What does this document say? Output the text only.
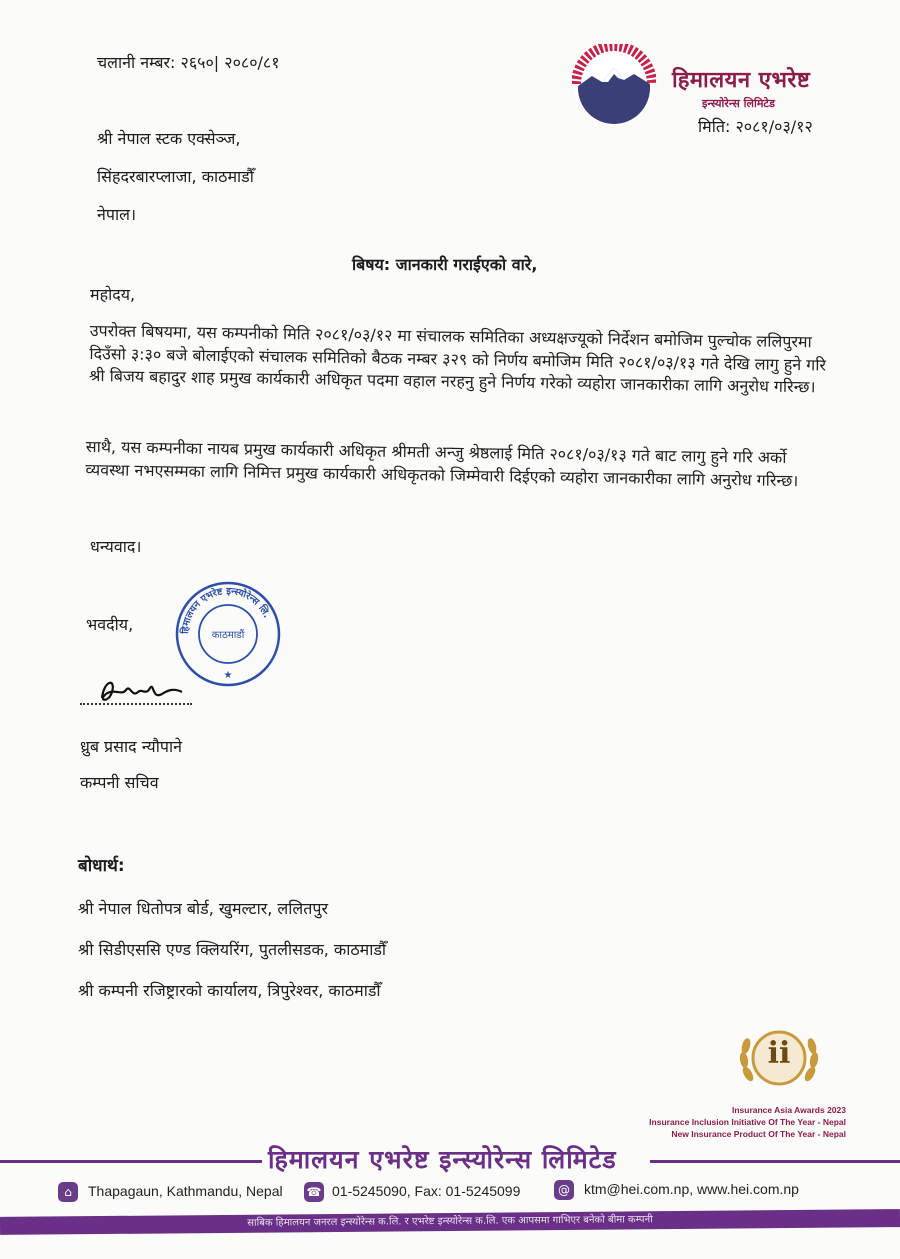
चलानी नम्बर: २६५०| २०८०/८१
हिमालयन एभरेष्ट
इन्स्योरेन्स लिमिटेड
मिति: २०८१/०३/१२
श्री नेपाल स्टक एक्सेञ्ज,
सिंहदरबारप्लाजा, काठमाडौँ
नेपाल।
बिषय: जानकारी गराईएको वारे,
महोदय,
उपरोक्त बिषयमा, यस कम्पनीको मिति २०८१/०३/१२ मा संचालक समितिका अध्यक्षज्यूको निर्देशन बमोजिम पुल्चोक ललिपुरमा दिउँसो ३:३० बजे बोलाईएको संचालक समितिको बैठक नम्बर ३२९ को निर्णय बमोजिम मिति २०८१/०३/१३ गते देखि लागु हुने गरि श्री बिजय बहादुर शाह प्रमुख कार्यकारी अधिकृत पदमा वहाल नरहनु हुने निर्णय गरेको व्यहोरा जानकारीका लागि अनुरोध गरिन्छ।
साथै, यस कम्पनीका नायब प्रमुख कार्यकारी अधिकृत श्रीमती अन्जु श्रेष्ठलाई मिति २०८१/०३/१३ गते बाट लागु हुने गरि अर्को व्यवस्था नभएसम्मका लागि निमित्त प्रमुख कार्यकारी अधिकृतको जिम्मेवारी दिईएको व्यहोरा जानकारीका लागि अनुरोध गरिन्छ।
धन्यवाद।
भवदीय,	हिमालयन एभरेष्ट इन्स्योरेन्स लि.
काठमाडौं
★
ध्रुब प्रसाद न्यौपाने
कम्पनी सचिव
बोधार्थ:
श्री नेपाल धितोपत्र बोर्ड, खुमल्टार, ललितपुर
श्री सिडीएससि एण्ड क्लियरिंग, पुतलीसडक, काठमाडौँ
श्री कम्पनी रजिष्ट्रारको कार्यालय, त्रिपुरेश्वर, काठमाडौँ
ii
Insurance Asia Awards 2023
Insurance Inclusion Initiative Of The Year - Nepal
New Insurance Product Of The Year - Nepal
हिमालयन एभरेष्ट इन्स्योरेन्स लिमिटेड
⌂	Thapagaun, Kathmandu, Nepal ☎ 01-5245090, Fax: 01-5245099	@ ktm@hei.com.np, www.hei.com.np
साबिक हिमालयन जनरल इन्स्योरेन्स क.लि. र एभरेष्ट इन्स्योरेन्स क.लि. एक आपसमा गाभिएर बनेको बीमा कम्पनी
